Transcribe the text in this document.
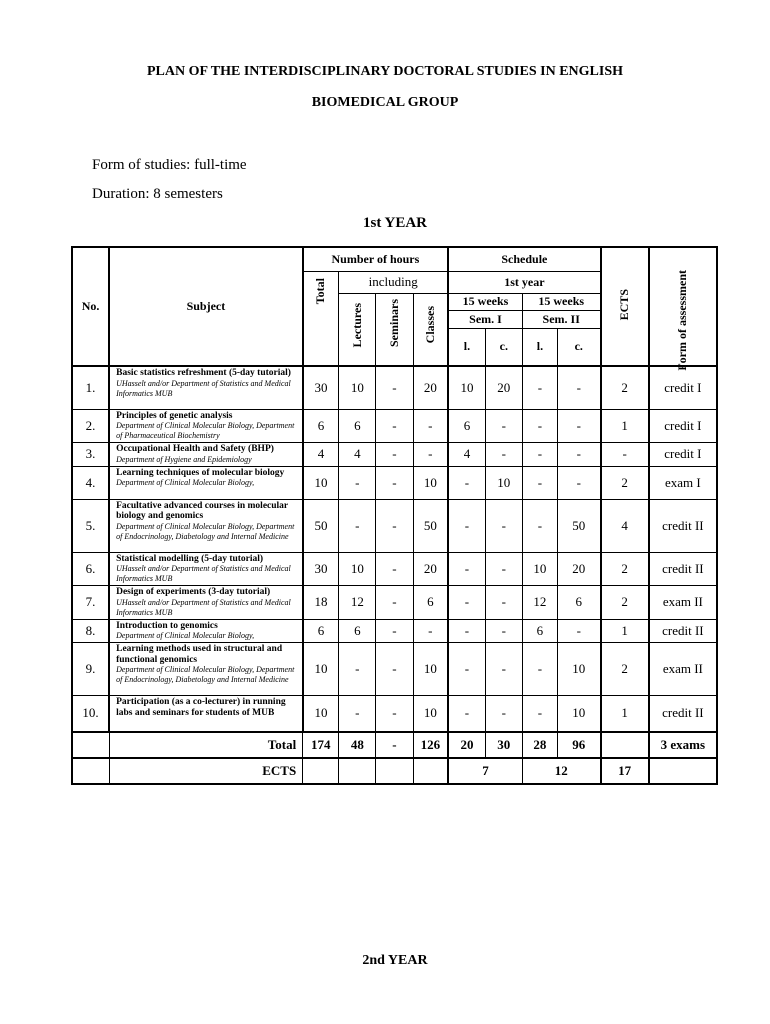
PLAN OF THE INTERDISCIPLINARY DOCTORAL STUDIES IN ENGLISH
BIOMEDICAL GROUP
Form of studies: full-time
Duration: 8 semesters
1st YEAR
No.	Subject	Number of hours				Schedule				ECTS	Form of assessment
		Total	including			1st year					
			Lectures	Seminars	Classes	15 weeks		15 weeks			
						Sem. I		Sem. II			
						l.	c.	l.	c.		
1.	Basic statistics refreshment (5-day tutorial)
UHasselt and/or Department of Statistics and Medical Informatics MUB	30	10	-	20	10	20	-	-	2	credit I
2.	Principles of genetic analysis
Department of Clinical Molecular Biology, Department of Pharmaceutical Biochemistry	6	6	-	-	6	-	-	-	1	credit I
3.	Occupational Health and Safety (BHP)
Department of Hygiene and Epidemiology	4	4	-	-	4	-	-	-	-	credit I
4.	Learning techniques of molecular biology
Department of Clinical Molecular Biology,	10	-	-	10	-	10	-	-	2	exam I
5.	Facultative advanced courses in molecular biology and genomics
Department of Clinical Molecular Biology, Department of Endocrinology, Diabetology and Internal Medicine	50	-	-	50	-	-	-	50	4	credit II
6.	Statistical modelling (5-day tutorial)
UHasselt and/or Department of Statistics and Medical Informatics MUB	30	10	-	20	-	-	10	20	2	credit II
7.	Design of experiments (3-day tutorial)
UHasselt and/or Department of Statistics and Medical Informatics MUB	18	12	-	6	-	-	12	6	2	exam II
8.	Introduction to genomics
Department of Clinical Molecular Biology,	6	6	-	-	-	-	6	-	1	credit II
9.	Learning methods used in structural and functional genomics
Department of Clinical Molecular Biology, Department of Endocrinology, Diabetology and Internal Medicine	10	-	-	10	-	-	-	10	2	exam II
10.	Participation (as a co-lecturer) in running labs and seminars for students of MUB	10	-	-	10	-	-	-	10	1	credit II
	Total	174	48	-	126	20	30	28	96		3 exams
	ECTS					7		12		17	
2nd YEAR
